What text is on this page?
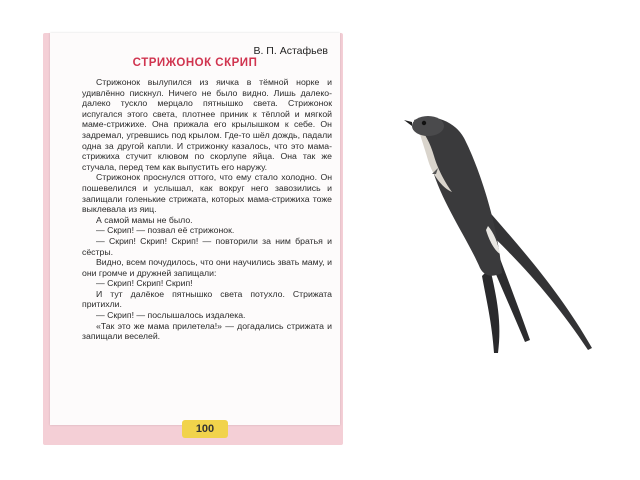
В. П. Астафьев
СТРИЖОНОК СКРИП

Стрижонок вылупился из яичка в тёмной норке и удивлённо пискнул. Ничего не было видно. Лишь далеко-далеко тускло мерцало пятнышко света. Стрижонок испугался этого света, плотнее приник к тёплой и мягкой маме-стрижихе. Она прижала его крылышком к себе. Он задремал, угревшись под крылом. Где-то шёл дождь, падали одна за другой капли. И стрижонку казалось, что это мама-стрижиха стучит клювом по скорлупе яйца. Она так же стучала, перед тем как выпустить его наружу.

Стрижонок проснулся оттого, что ему стало холодно. Он пошевелился и услышал, как вокруг него завозились и запищали голенькие стрижата, которых мама-стрижиха тоже выклевала из яиц.

А самой мамы не было.

— Скрип! — позвал её стрижонок.

— Скрип! Скрип! Скрип! — повторили за ним братья и сёстры.

Видно, всем почудилось, что они научились звать маму, и они громче и дружней запищали:

— Скрип! Скрип! Скрип!

И тут далёкое пятнышко света потухло. Стрижата притихли.

— Скрип! — послышалось издалека.

«Так это же мама прилетела!» — догадались стрижата и запищали веселей.

100
